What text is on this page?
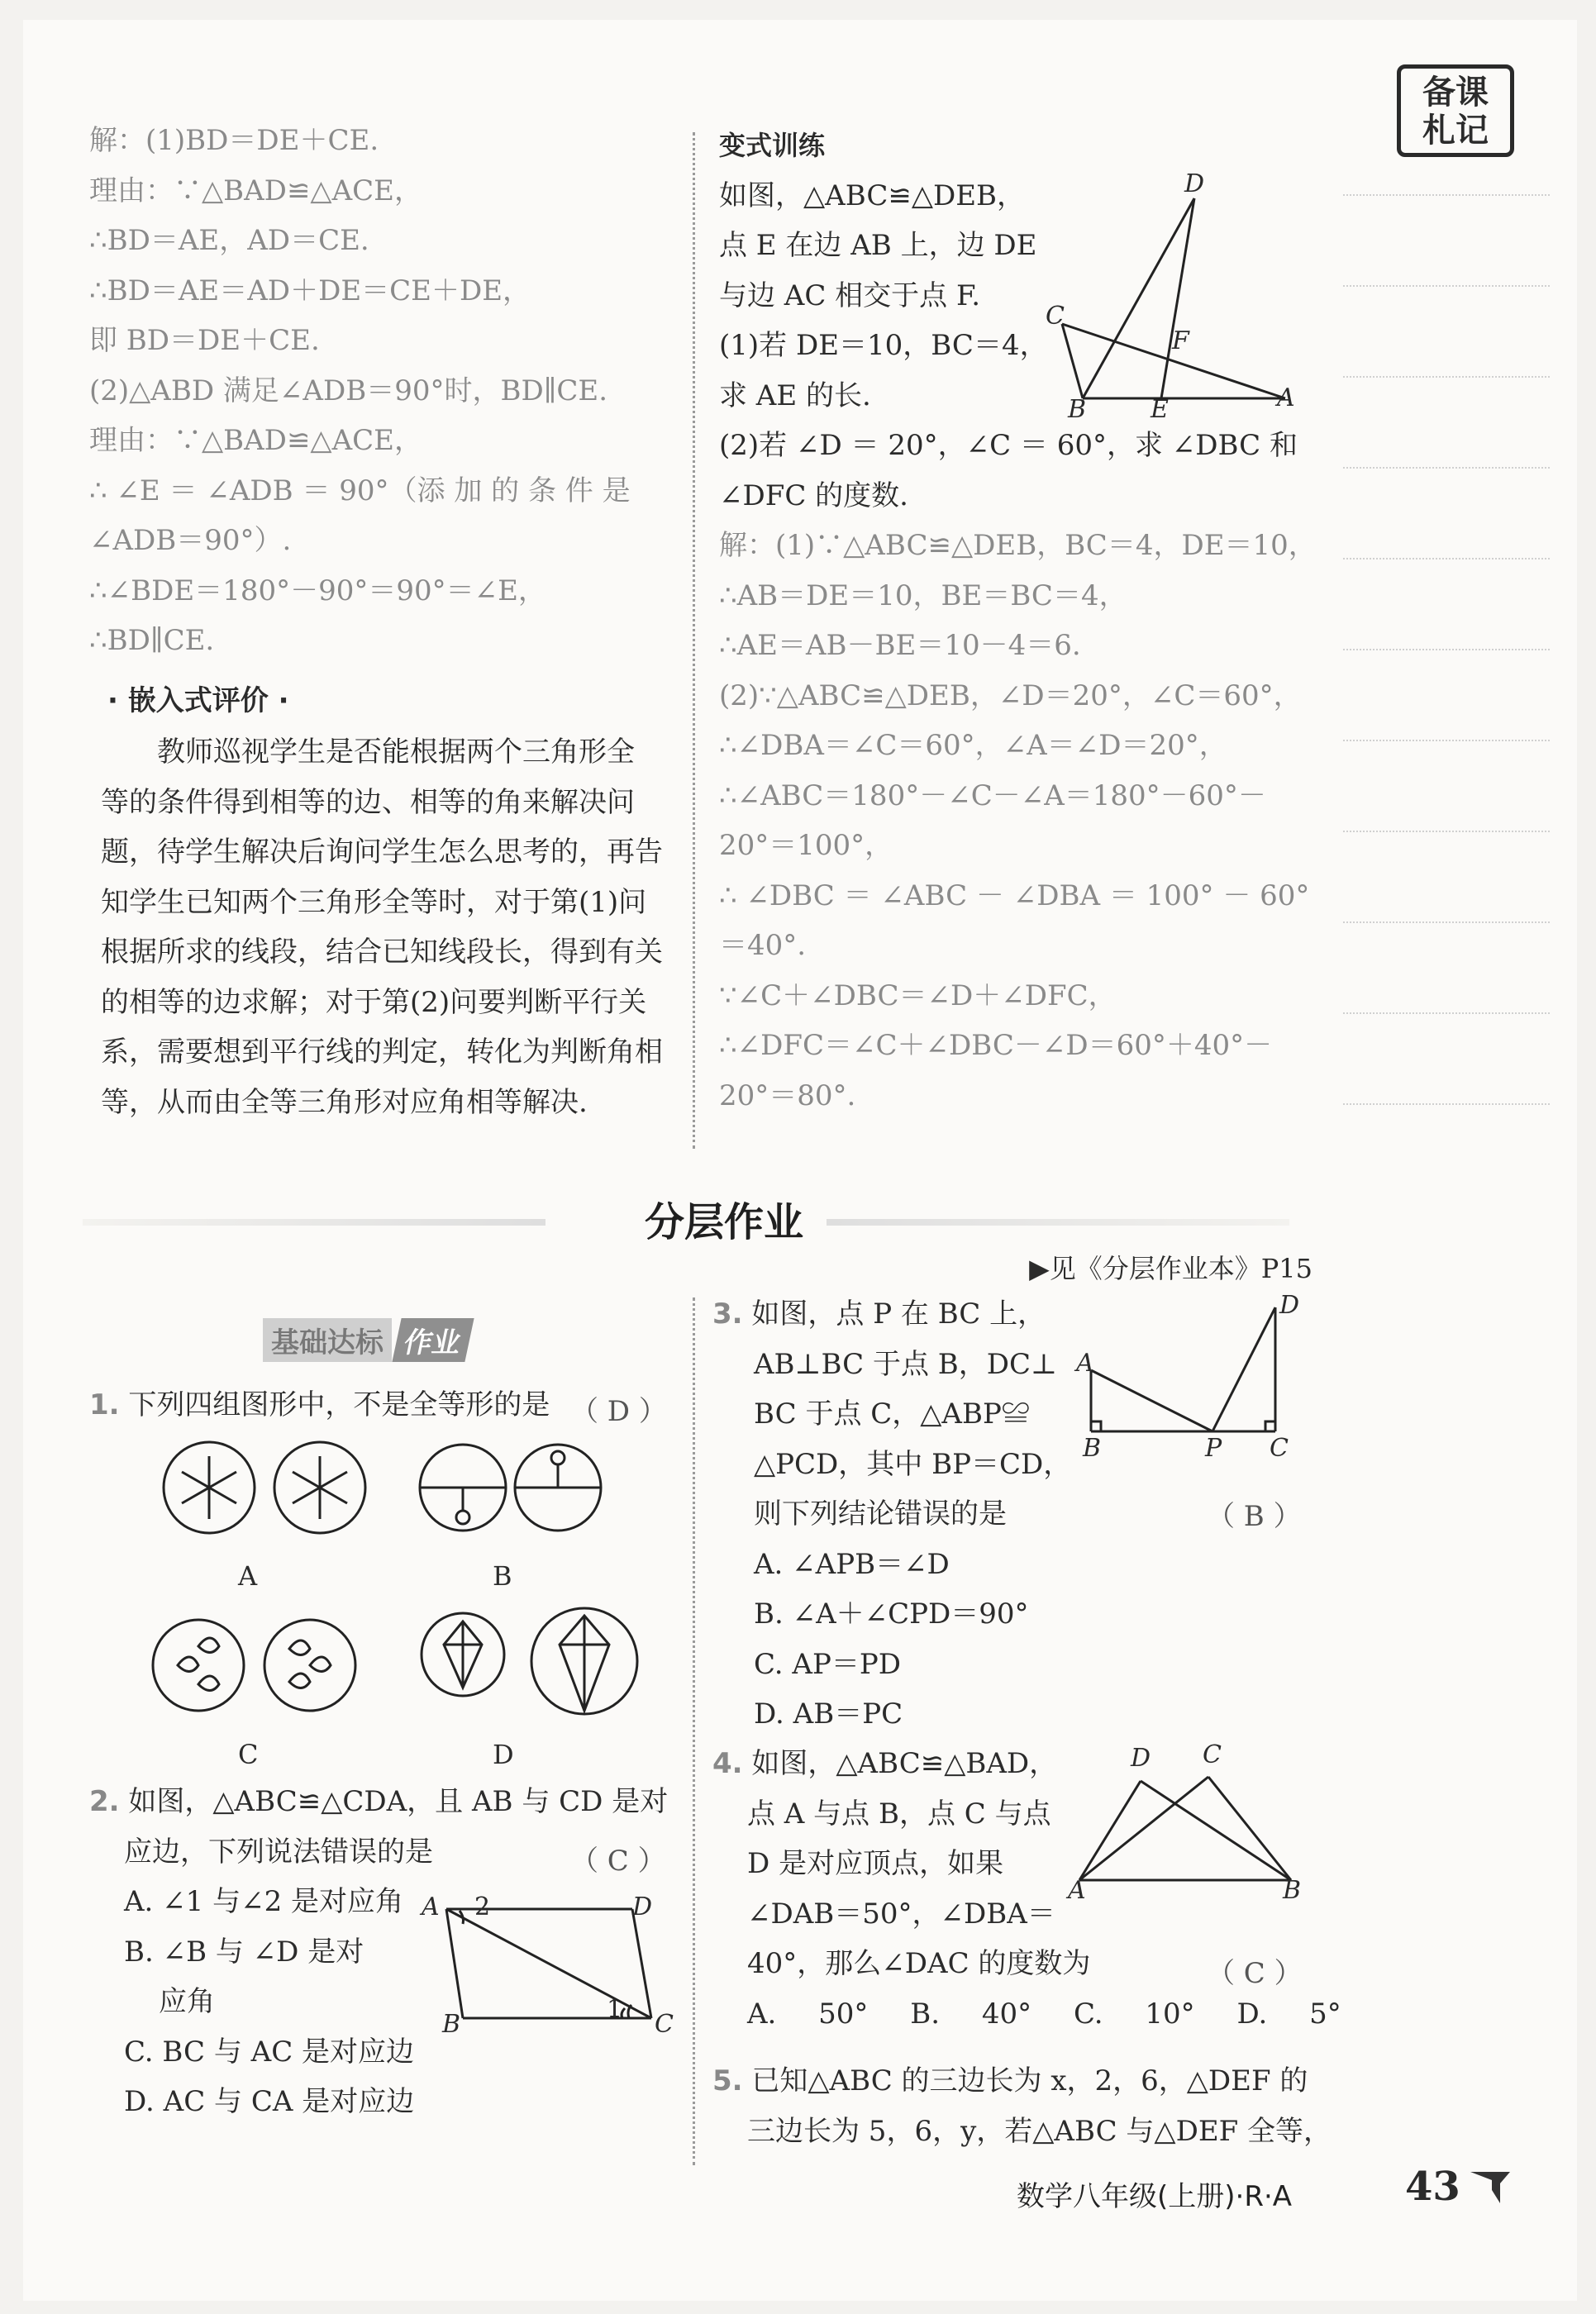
备课
札记

解：(1)BD＝DE＋CE.

理由：∵△BAD≌△ACE，

∴BD＝AE，AD＝CE.

∴BD＝AE＝AD＋DE＝CE＋DE，

即 BD＝DE＋CE.

(2)△ABD 满足∠ADB＝90°时，BD∥CE.

理由：∵△BAD≌△ACE，

∴ ∠E ＝ ∠ADB ＝ 90°（添 加 的 条 件 是

∠ADB＝90°）.

∴∠BDE＝180°－90°＝90°＝∠E，

∴BD∥CE.

· 嵌入式评价 ·

教师巡视学生是否能根据两个三角形全

等的条件得到相等的边、相等的角来解决问

题，待学生解决后询问学生怎么思考的，再告

知学生已知两个三角形全等时，对于第(1)问

根据所求的线段，结合已知线段长，得到有关

的相等的边求解；对于第(2)问要判断平行关

系，需要想到平行线的判定，转化为判断角相

等，从而由全等三角形对应角相等解决.

变式训练

如图，△ABC≌△DEB，

点 E 在边 AB 上，边 DE

与边 AC 相交于点 F.

(1)若 DE＝10，BC＝4，

求 AE 的长.

(2)若 ∠D ＝ 20°，∠C ＝ 60°，求 ∠DBC 和

∠DFC 的度数.

解：(1)∵△ABC≌△DEB，BC＝4，DE＝10，

∴AB＝DE＝10，BE＝BC＝4，

∴AE＝AB－BE＝10－4＝6.

(2)∵△ABC≌△DEB，∠D＝20°，∠C＝60°，

∴∠DBA＝∠C＝60°，∠A＝∠D＝20°，

∴∠ABC＝180°－∠C－∠A＝180°－60°－

20°＝100°，

∴ ∠DBC ＝ ∠ABC － ∠DBA ＝ 100° － 60°

＝40°.

∵∠C＋∠DBC＝∠D＋∠DFC，

∴∠DFC＝∠C＋∠DBC－∠D＝60°＋40°－

20°＝80°.

D
C
F
B	E	A
分层作业
▶见《分层作业本》P15
基础达标 作业

1. 下列四组图形中，不是全等形的是 （ D ）
A	B
C	D

2. 如图，△ABC≌△CDA，且 AB 与 CD 是对

应边，下列说法错误的是

A. ∠1 与∠2 是对应角

B. ∠B 与 ∠D 是对

应角

C. BC 与 AC 是对应边

D. AC 与 CA 是对应边

（ C ）
A	D
B	C
2
1

3. 如图，点 P 在 BC 上，

AB⊥BC 于点 B，DC⊥

BC 于点 C，△ABP≌

△PCD，其中 BP＝CD，

则下列结论错误的是

A. ∠APB＝∠D

B. ∠A＋∠CPD＝90°

C. AP＝PD

D. AB＝PC

（ B ）
D
A
B	P C

4. 如图，△ABC≌△BAD，

点 A 与点 B，点 C 与点

D 是对应顶点，如果

∠DAB＝50°，∠DBA＝

40°，那么∠DAC 的度数为

A. 50° B. 40° C. 10° D. 5°

（ C ）
D C
A	B

5. 已知△ABC 的三边长为 x，2，6，△DEF 的

三边长为 5，6，y，若△ABC 与△DEF 全等，

数学八年级(上册)·R·A	43
